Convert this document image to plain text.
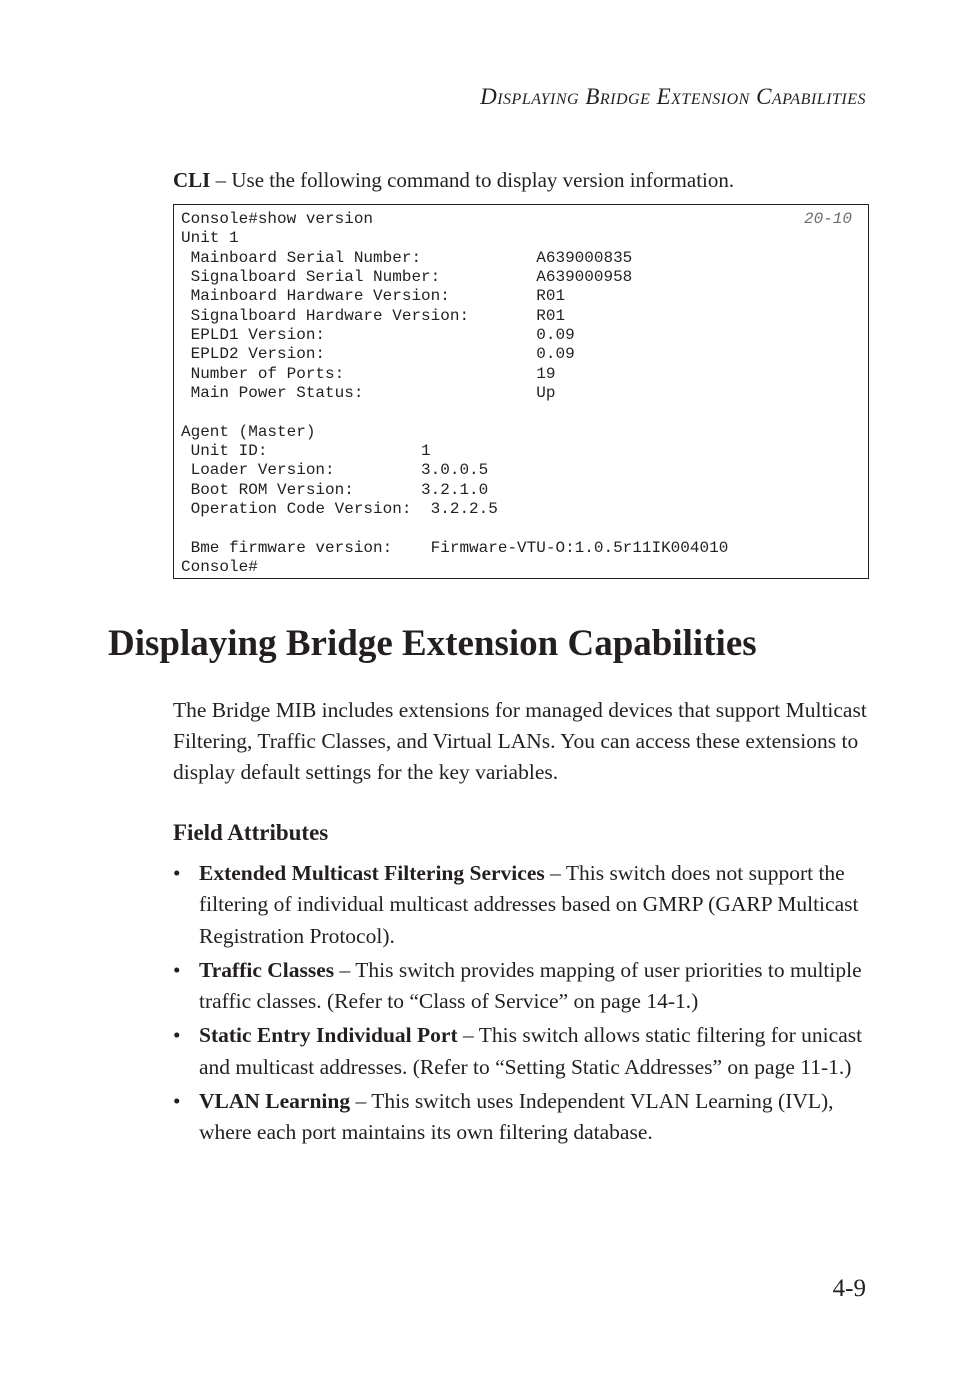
Displaying Bridge Extension Capabilities
CLI – Use the following command to display version information.
Console#show version
Unit 1
Mainboard Serial Number:            A639000835
Signalboard Serial Number:          A639000958
Mainboard Hardware Version:         R01
Signalboard Hardware Version:       R01
EPLD1 Version:                      0.09
EPLD2 Version:                      0.09
Number of Ports:                    19
Main Power Status:                  Up

Agent (Master)
Unit ID:                1
Loader Version:         3.0.0.5
Boot ROM Version:       3.2.1.0
Operation Code Version:  3.2.2.5

Bme firmware version:    Firmware-VTU-O:1.0.5r11IK004010
Console#
20-10
Displaying Bridge Extension Capabilities

The Bridge MIB includes extensions for managed devices that support Multicast Filtering, Traffic Classes, and Virtual LANs. You can access these extensions to display default settings for the key variables.

Field Attributes
• Extended Multicast Filtering Services – This switch does not support the filtering of individual multicast addresses based on GMRP (GARP Multicast Registration Protocol).
• Traffic Classes – This switch provides mapping of user priorities to multiple traffic classes. (Refer to “Class of Service” on page 14-1.)
• Static Entry Individual Port – This switch allows static filtering for unicast and multicast addresses. (Refer to “Setting Static Addresses” on page 11-1.)
• VLAN Learning – This switch uses Independent VLAN Learning (IVL), where each port maintains its own filtering database.
4-9
